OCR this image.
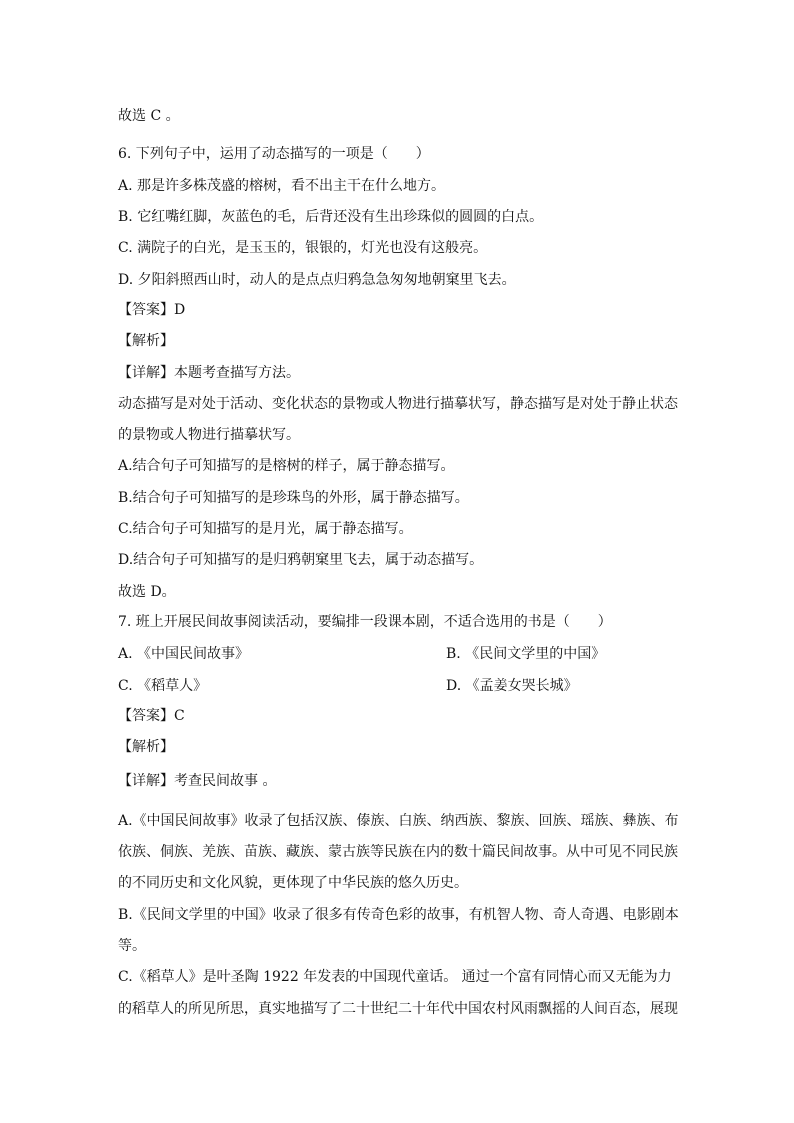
故选 C 。
6. 下列句子中，运用了动态描写的一项是（　　）
A. 那是许多株茂盛的榕树，看不出主干在什么地方。
B. 它红嘴红脚，灰蓝色的毛，后背还没有生出珍珠似的圆圆的白点。
C. 满院子的白光，是玉玉的，银银的，灯光也没有这般亮。
D. 夕阳斜照西山时，动人的是点点归鸦急急匆匆地朝窠里飞去。
【答案】D
【解析】
【详解】本题考查描写方法。
动态描写是对处于活动、变化状态的景物或人物进行描摹状写，静态描写是对处于静止状态
的景物或人物进行描摹状写。
A.结合句子可知描写的是榕树的样子，属于静态描写。
B.结合句子可知描写的是珍珠鸟的外形，属于静态描写。
C.结合句子可知描写的是月光，属于静态描写。
D.结合句子可知描写的是归鸦朝窠里飞去，属于动态描写。
故选 D。
7. 班上开展民间故事阅读活动，要编排一段课本剧，不适合选用的书是（　　）
A. 《中国民间故事》	B. 《民间文学里的中国》
C. 《稻草人》	D. 《孟姜女哭长城》
【答案】C
【解析】
【详解】考查民间故事 。
A.《中国民间故事》收录了包括汉族、傣族、白族、纳西族、黎族、回族、瑶族、彝族、布
依族、侗族、羌族、苗族、藏族、蒙古族等民族在内的数十篇民间故事。从中可见不同民族
的不同历史和文化风貌，更体现了中华民族的悠久历史。
B.《民间文学里的中国》收录了很多有传奇色彩的故事，有机智人物、奇人奇遇、电影剧本
等。
C.《稻草人》是叶圣陶 1922 年发表的中国现代童话。 通过一个富有同情心而又无能为力
的稻草人的所见所思，真实地描写了二十世纪二十年代中国农村风雨飘摇的人间百态，展现
